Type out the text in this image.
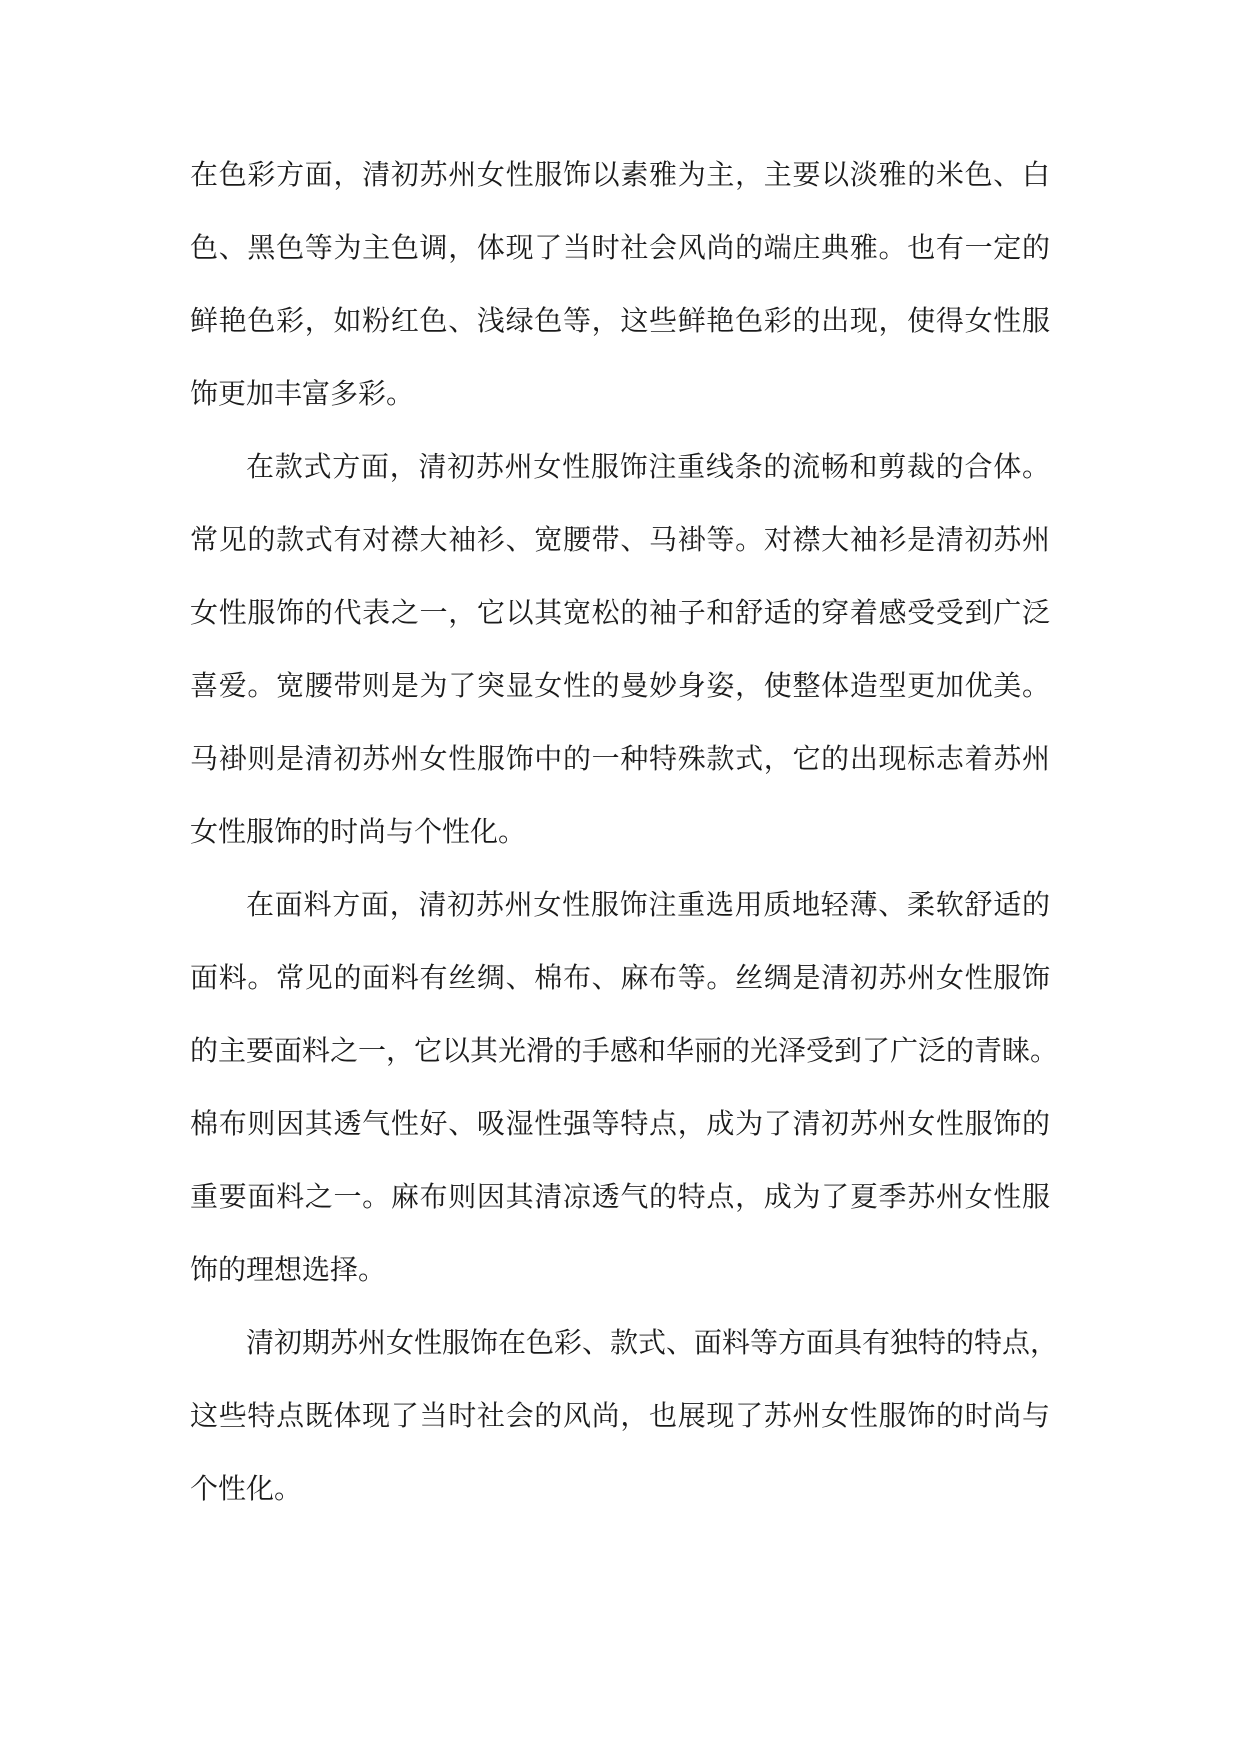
在色彩方面，清初苏州女性服饰以素雅为主，主要以淡雅的米色、白
色、黑色等为主色调，体现了当时社会风尚的端庄典雅。也有一定的
鲜艳色彩，如粉红色、浅绿色等，这些鲜艳色彩的出现，使得女性服
饰更加丰富多彩。
在款式方面，清初苏州女性服饰注重线条的流畅和剪裁的合体。
常见的款式有对襟大袖衫、宽腰带、马褂等。对襟大袖衫是清初苏州
女性服饰的代表之一，它以其宽松的袖子和舒适的穿着感受受到广泛
喜爱。宽腰带则是为了突显女性的曼妙身姿，使整体造型更加优美。
马褂则是清初苏州女性服饰中的一种特殊款式，它的出现标志着苏州
女性服饰的时尚与个性化。
在面料方面，清初苏州女性服饰注重选用质地轻薄、柔软舒适的
面料。常见的面料有丝绸、棉布、麻布等。丝绸是清初苏州女性服饰
的主要面料之一，它以其光滑的手感和华丽的光泽受到了广泛的青睐。
棉布则因其透气性好、吸湿性强等特点，成为了清初苏州女性服饰的
重要面料之一。麻布则因其清凉透气的特点，成为了夏季苏州女性服
饰的理想选择。
清初期苏州女性服饰在色彩、款式、面料等方面具有独特的特点，
这些特点既体现了当时社会的风尚，也展现了苏州女性服饰的时尚与
个性化。
